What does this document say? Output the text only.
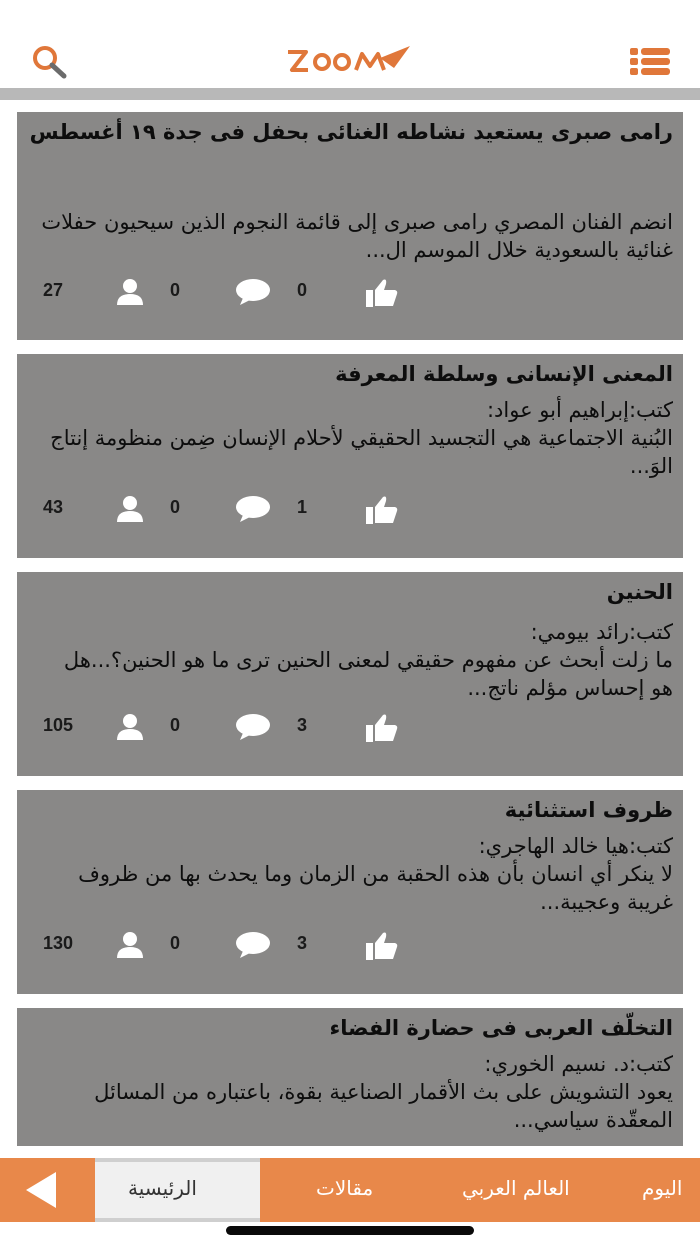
رامى صبرى يستعيد نشاطه الغنائى بحفل فى جدة ١٩ أغسطس
انضم الفنان المصري رامى صبرى إلى قائمة النجوم الذين سيحيون حفلات غنائية بالسعودية خلال الموسم ال...
27	0	0
المعنى الإنسانى وسلطة المعرفة
كتب:إبراهيم أبو عواد:
البُنية الاجتماعية هي التجسيد الحقيقي لأحلام الإنسان ضِمن منظومة إنتاج الوَ...
43	0	1
الحنين
كتب:رائد بيومي:
ما زلت أبحث عن مفهوم حقيقي لمعنى الحنين ترى ما هو الحنين؟...هل هو إحساس مؤلم ناتج...
105	0	3
ظروف استثنائية
كتب:هيا خالد الهاجري:
لا ينكر أي انسان بأن هذه الحقبة من الزمان وما يحدث بها من ظروف غريبة وعجيبة...
130	0	3
التخلّف العربى فى حضارة الفضاء
كتب:د. نسيم الخوري:
يعود التشويش على بث الأقمار الصناعية بقوة، باعتباره من المسائل المعقّدة سياسي...
الرئيسية	مقالات	العالم العربي	اليوم
